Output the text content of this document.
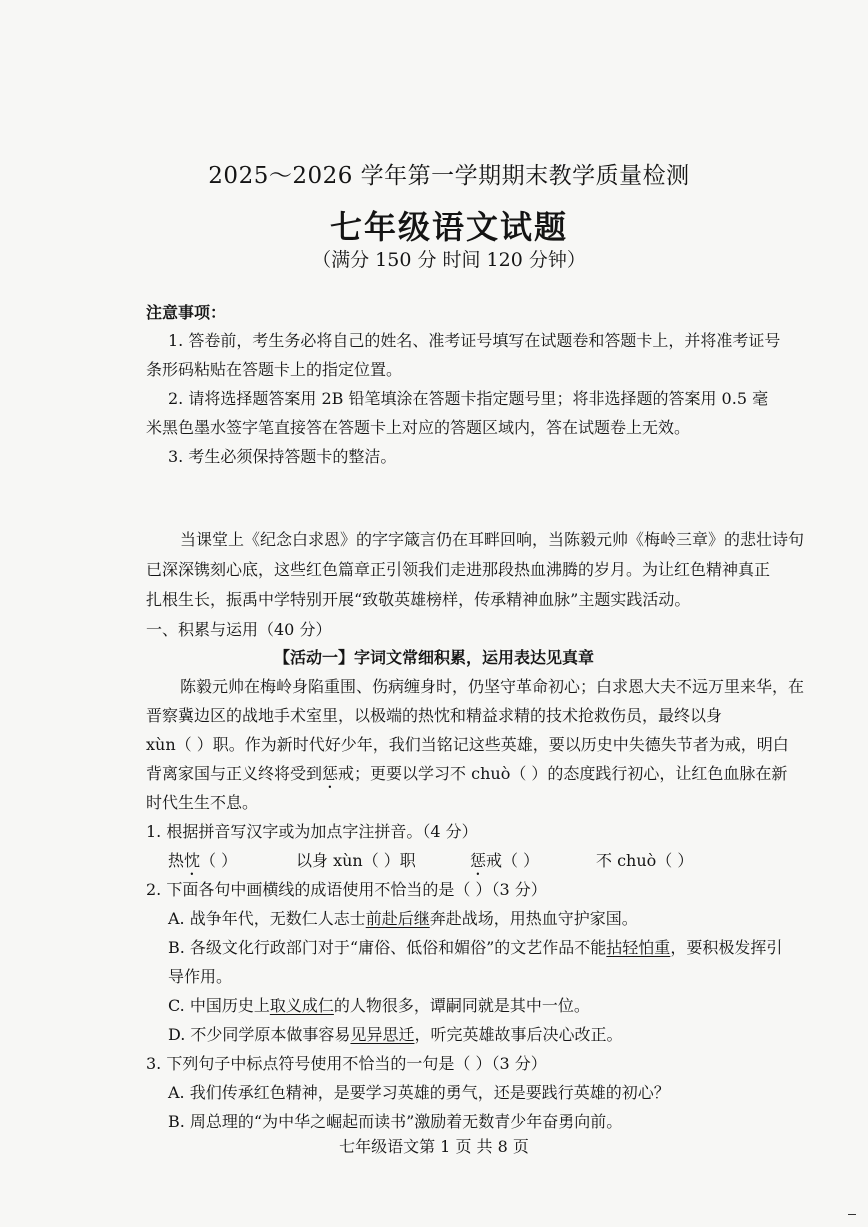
2025～2026 学年第一学期期末教学质量检测
七年级语文试题
（满分 150 分 时间 120 分钟）
注意事项：
1. 答卷前，考生务必将自己的姓名、准考证号填写在试题卷和答题卡上，并将准考证号
条形码粘贴在答题卡上的指定位置。
2. 请将选择题答案用 2B 铅笔填涂在答题卡指定题号里；将非选择题的答案用 0.5 毫
米黑色墨水签字笔直接答在答题卡上对应的答题区域内，答在试题卷上无效。
3. 考生必须保持答题卡的整洁。
当课堂上《纪念白求恩》的字字箴言仍在耳畔回响，当陈毅元帅《梅岭三章》的悲壮诗句
已深深镌刻心底，这些红色篇章正引领我们走进那段热血沸腾的岁月。为让红色精神真正
扎根生长，振禹中学特别开展“致敬英雄榜样，传承精神血脉”主题实践活动。
一、积累与运用（40 分）
【活动一】字词文常细积累，运用表达见真章
陈毅元帅在梅岭身陷重围、伤病缠身时，仍坚守革命初心；白求恩大夫不远万里来华，在
晋察冀边区的战地手术室里，以极端的热忱和精益求精的技术抢救伤员，最终以身
xùn（ ）职。作为新时代好少年，我们当铭记这些英雄，要以历史中失德失节者为戒，明白
背离家国与正义终将受到惩戒；更要以学习不 chuò（ ）的态度践行初心，让红色血脉在新
时代生生不息。
1. 根据拼音写汉字或为加点字注拼音。（4 分）
热忱（ ）	以身 xùn（ ）职	惩戒（ ）	不 chuò（ ）
2. 下面各句中画横线的成语使用不恰当的是（ ）（3 分）
A. 战争年代，无数仁人志士前赴后继奔赴战场，用热血守护家国。
B. 各级文化行政部门对于“庸俗、低俗和媚俗”的文艺作品不能拈轻怕重，要积极发挥引
导作用。
C. 中国历史上取义成仁的人物很多，谭嗣同就是其中一位。
D. 不少同学原本做事容易见异思迁，听完英雄故事后决心改正。
3. 下列句子中标点符号使用不恰当的一句是（ ）（3 分）
A. 我们传承红色精神，是要学习英雄的勇气，还是要践行英雄的初心？
B. 周总理的“为中华之崛起而读书”激励着无数青少年奋勇向前。
七年级语文第 1 页 共 8 页
